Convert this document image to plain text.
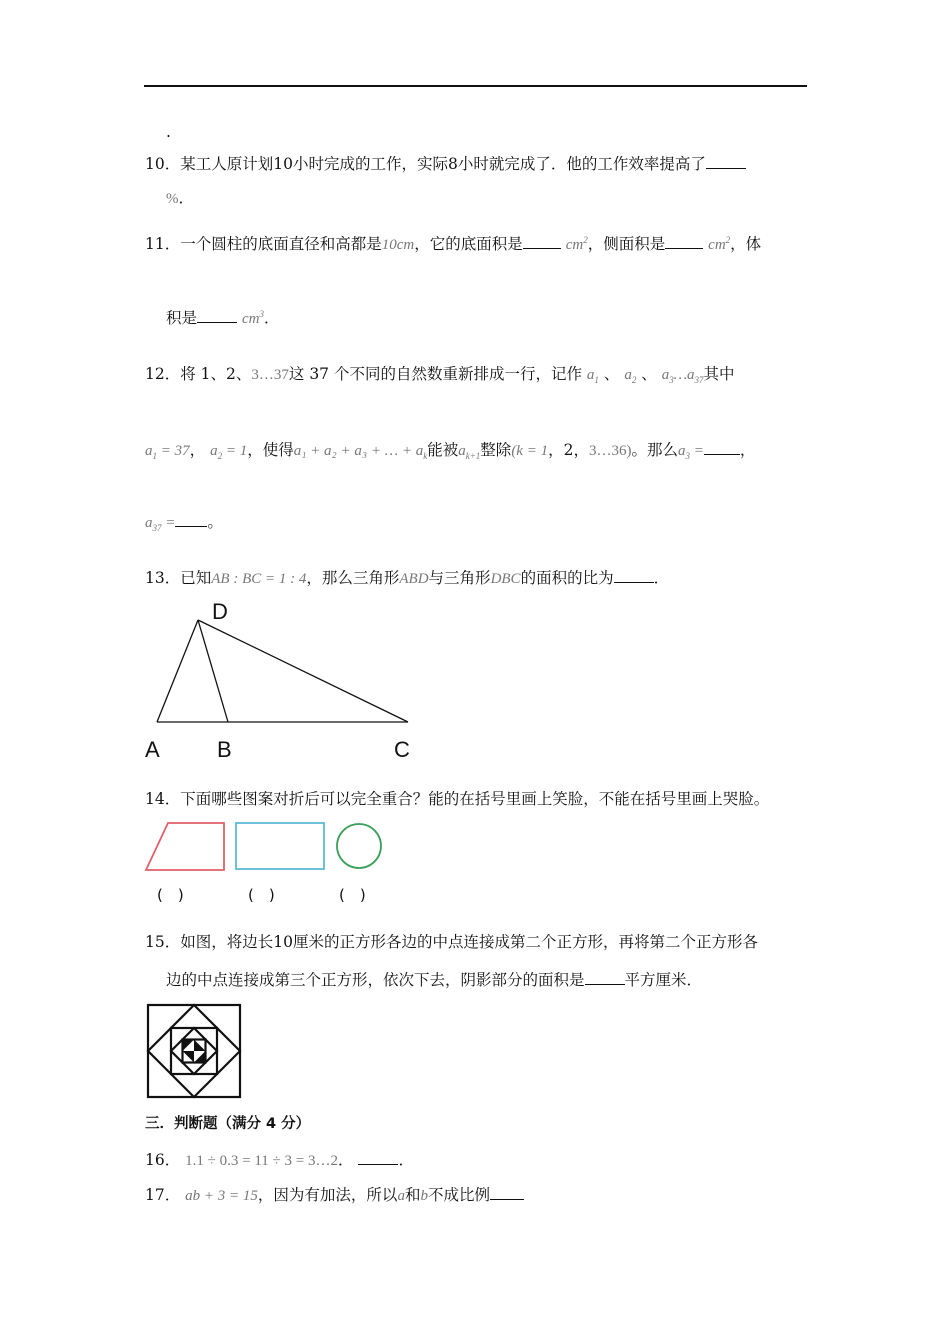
.
10．某工人原计划10小时完成的工作，实际8小时就完成了．他的工作效率提高了
%．
11．一个圆柱的底面直径和高都是10cm，它的底面积是	$cm^2$，侧面积是	$cm^2$，体
积是	$cm^3$．
12．将 1、2、3…37这 37 个不同的自然数重新排成一行，记作 $a_1$ 、 $a_2$ 、 $a_3\dots a_{37}$其中
$a_1 = 37$， $a_2 = 1$，使得a₁ + a₂ + a₃ + … + $a_k$能被$a_{k+1}$整除(k = 1，2，3…36)。那么$a_3$ = ，
$a_{37}$ = 。
13．已知AB : BC = 1 : 4，那么三角形ABD与三角形DBC的面积的比为	．
D
A	B	C
14．下面哪些图案对折后可以完全重合？能的在括号里画上笑脸，不能在括号里画上哭脸。
(　)	(　)	(　)
15．如图，将边长10厘米的正方形各边的中点连接成第二个正方形，再将第二个正方形各
边的中点连接成第三个正方形，依次下去，阴影部分的面积是	平方厘米．
三．判断题（满分 4 分）
16． 1.1 ÷ 0.3 = 11 ÷ 3 = 3…2．	．
17． ab + 3 = 15，因为有加法，所以a和b不成比例
